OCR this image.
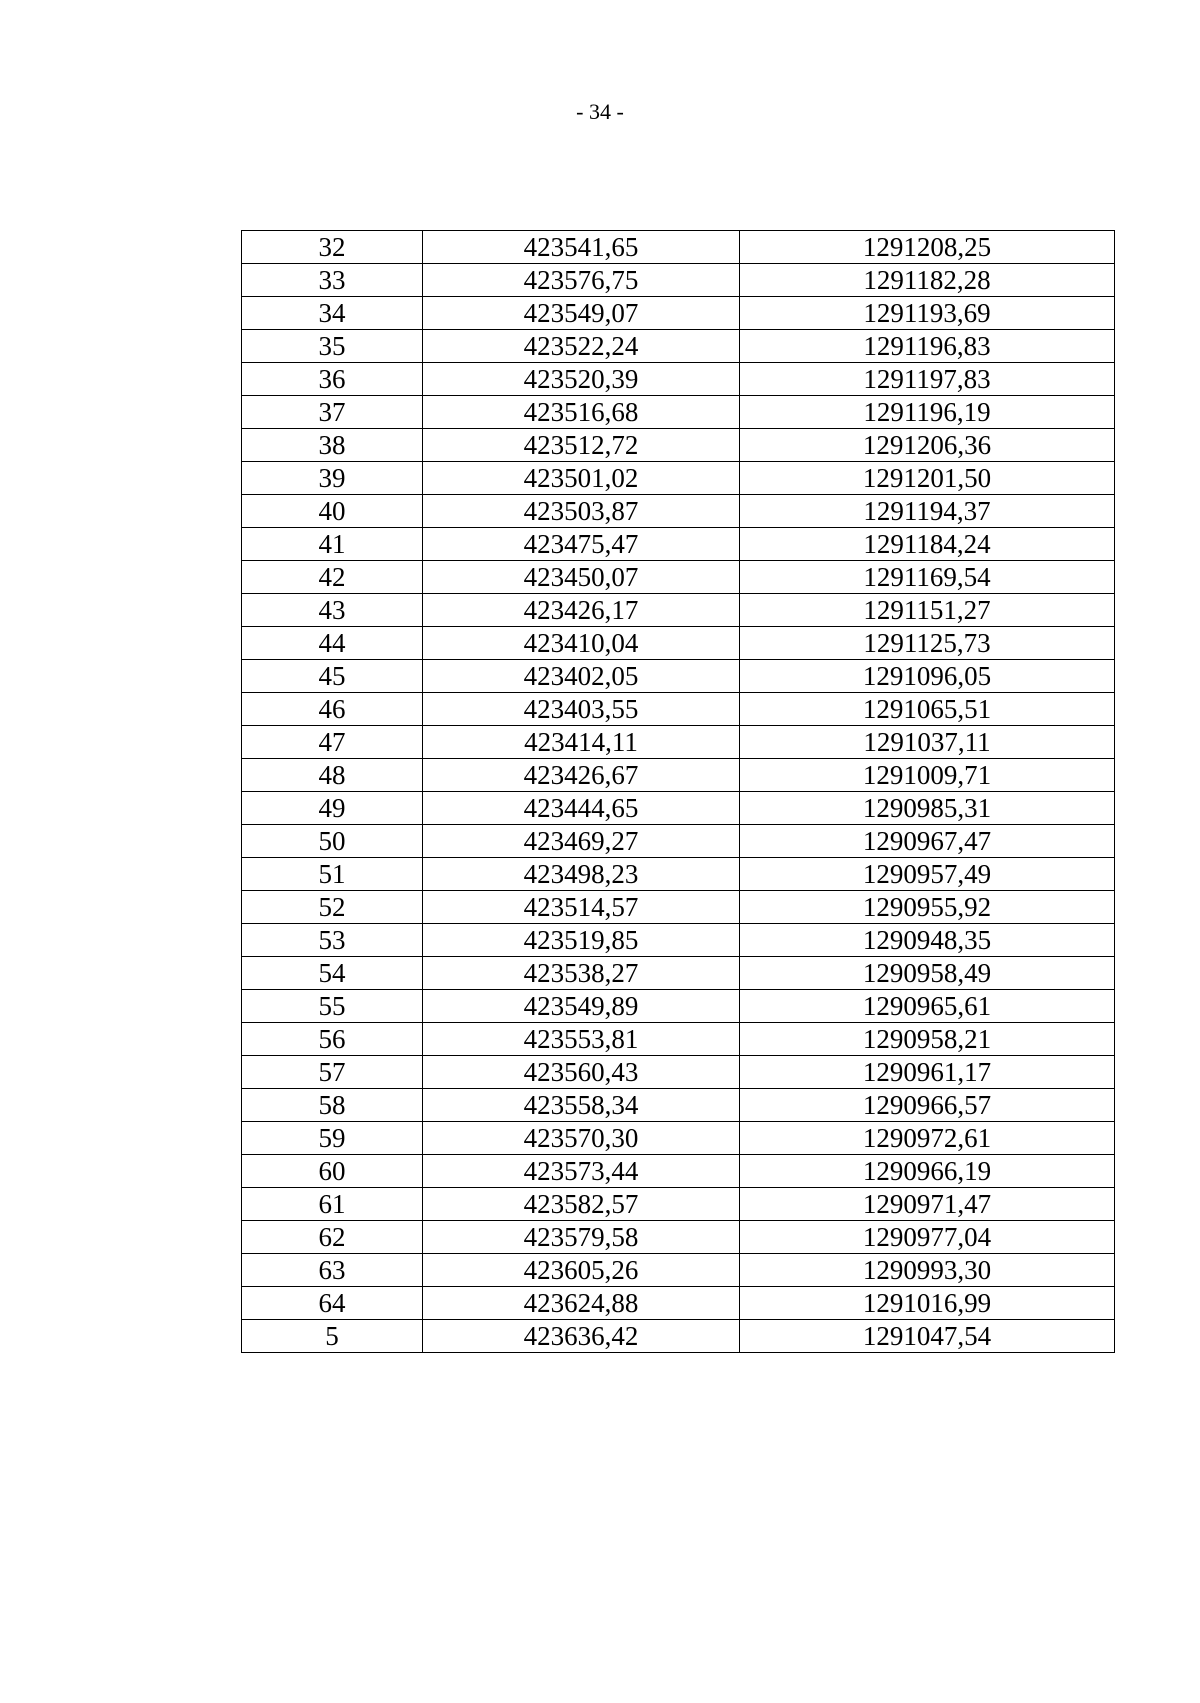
- 34 -
32	423541,65	1291208,25
33	423576,75	1291182,28
34	423549,07	1291193,69
35	423522,24	1291196,83
36	423520,39	1291197,83
37	423516,68	1291196,19
38	423512,72	1291206,36
39	423501,02	1291201,50
40	423503,87	1291194,37
41	423475,47	1291184,24
42	423450,07	1291169,54
43	423426,17	1291151,27
44	423410,04	1291125,73
45	423402,05	1291096,05
46	423403,55	1291065,51
47	423414,11	1291037,11
48	423426,67	1291009,71
49	423444,65	1290985,31
50	423469,27	1290967,47
51	423498,23	1290957,49
52	423514,57	1290955,92
53	423519,85	1290948,35
54	423538,27	1290958,49
55	423549,89	1290965,61
56	423553,81	1290958,21
57	423560,43	1290961,17
58	423558,34	1290966,57
59	423570,30	1290972,61
60	423573,44	1290966,19
61	423582,57	1290971,47
62	423579,58	1290977,04
63	423605,26	1290993,30
64	423624,88	1291016,99
5	423636,42	1291047,54
